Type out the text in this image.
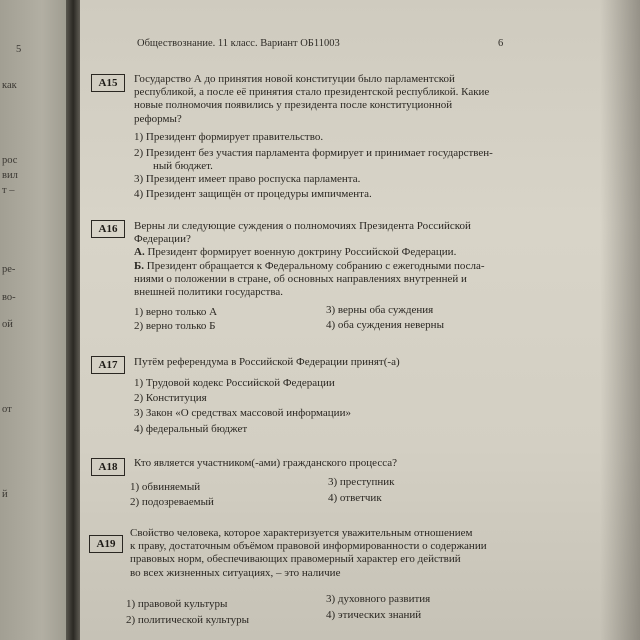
5
как
рос
вил
т –
ре-
во-
ой
от
й
Обществознание. 11 класс. Вариант ОБ11003	6
А15	Государство А до принятия новой конституции было парламентской
республикой, а после её принятия стало президентской республикой. Какие
новые полномочия появились у президента после конституционной
реформы?
1) Президент формирует правительство.
2) Президент без участия парламента формирует и принимает государствен-
ный бюджет.
3) Президент имеет право роспуска парламента.
4) Президент защищён от процедуры импичмента.
А16	Верны ли следующие суждения о полномочиях Президента Российской
Федерации?
А. Президент формирует военную доктрину Российской Федерации.
Б. Президент обращается к Федеральному собранию с ежегодными посла-
ниями о положении в стране, об основных направлениях внутренней и
внешней политики государства.
1) верно только А
2) верно только Б
3) верны оба суждения
4) оба суждения неверны
А17	Путём референдума в Российской Федерации принят(-а)
1) Трудовой кодекс Российской Федерации
2) Конституция
3) Закон «О средствах массовой информации»
4) федеральный бюджет
А18	Кто является участником(-ами) гражданского процесса?
1) обвиняемый
2) подозреваемый
3) преступник
4) ответчик
А19
Свойство человека, которое характеризуется уважительным отношением
к праву, достаточным объёмом правовой информированности о содержании
правовых норм, обеспечивающих правомерный характер его действий
во всех жизненных ситуациях, – это наличие
1) правовой культуры
2) политической культуры
3) духовного развития
4) этических знаний
